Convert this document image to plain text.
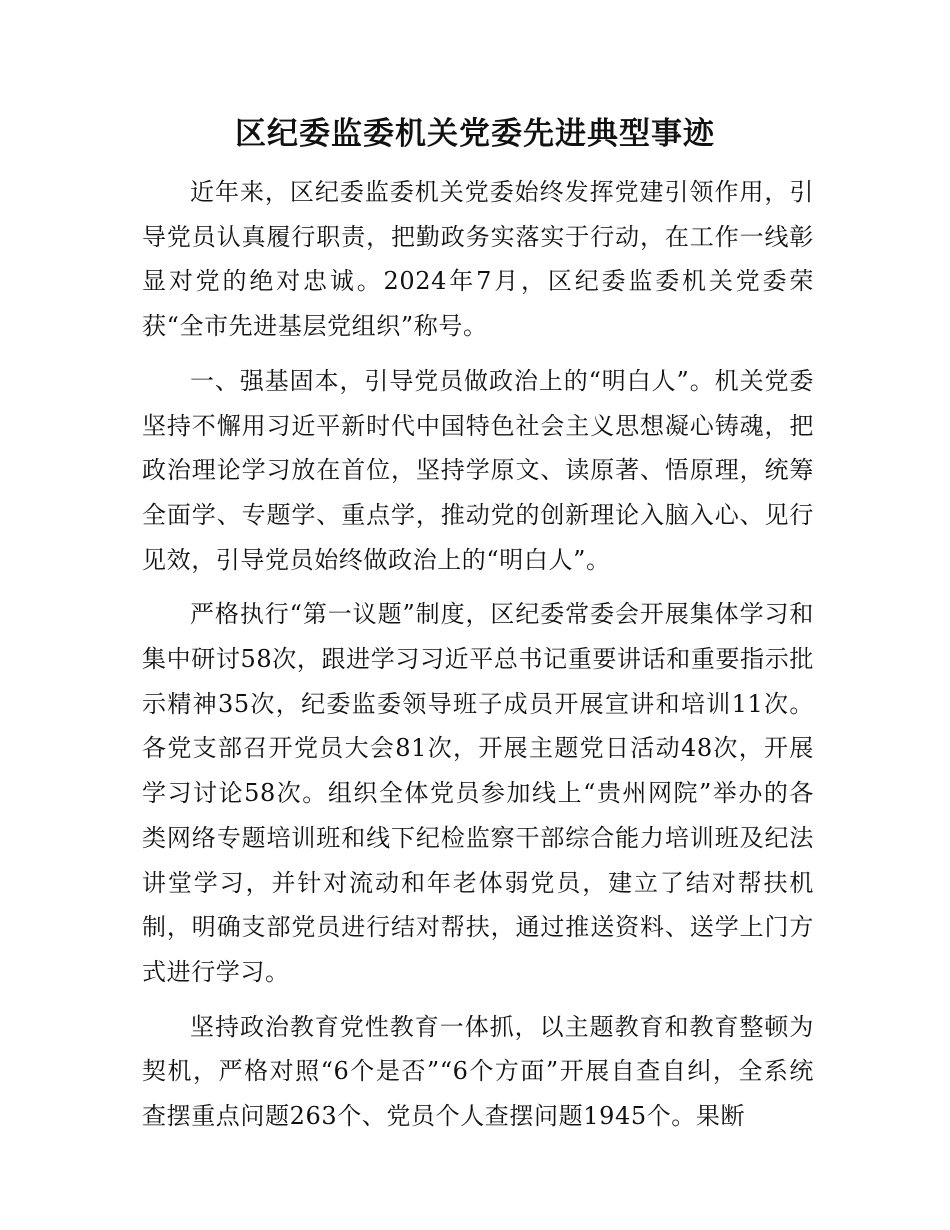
区纪委监委机关党委先进典型事迹

近年来，区纪委监委机关党委始终发挥党建引领作用，引导党员认真履行职责，把勤政务实落实于行动，在工作一线彰显对党的绝对忠诚。2024年7月，区纪委监委机关党委荣获“全市先进基层党组织”称号。

一、强基固本，引导党员做政治上的“明白人”。机关党委坚持不懈用习近平新时代中国特色社会主义思想凝心铸魂，把政治理论学习放在首位，坚持学原文、读原著、悟原理，统筹全面学、专题学、重点学，推动党的创新理论入脑入心、见行见效，引导党员始终做政治上的“明白人”。

严格执行“第一议题”制度，区纪委常委会开展集体学习和集中研讨58次，跟进学习习近平总书记重要讲话和重要指示批示精神35次，纪委监委领导班子成员开展宣讲和培训11次。各党支部召开党员大会81次，开展主题党日活动48次，开展学习讨论58次。组织全体党员参加线上“贵州网院”举办的各类网络专题培训班和线下纪检监察干部综合能力培训班及纪法讲堂学习，并针对流动和年老体弱党员，建立了结对帮扶机制，明确支部党员进行结对帮扶，通过推送资料、送学上门方式进行学习。

坚持政治教育党性教育一体抓，以主题教育和教育整顿为契机，严格对照“6个是否”“6个方面”开展自查自纠，全系统查摆重点问题263个、党员个人查摆问题1945个。果断
